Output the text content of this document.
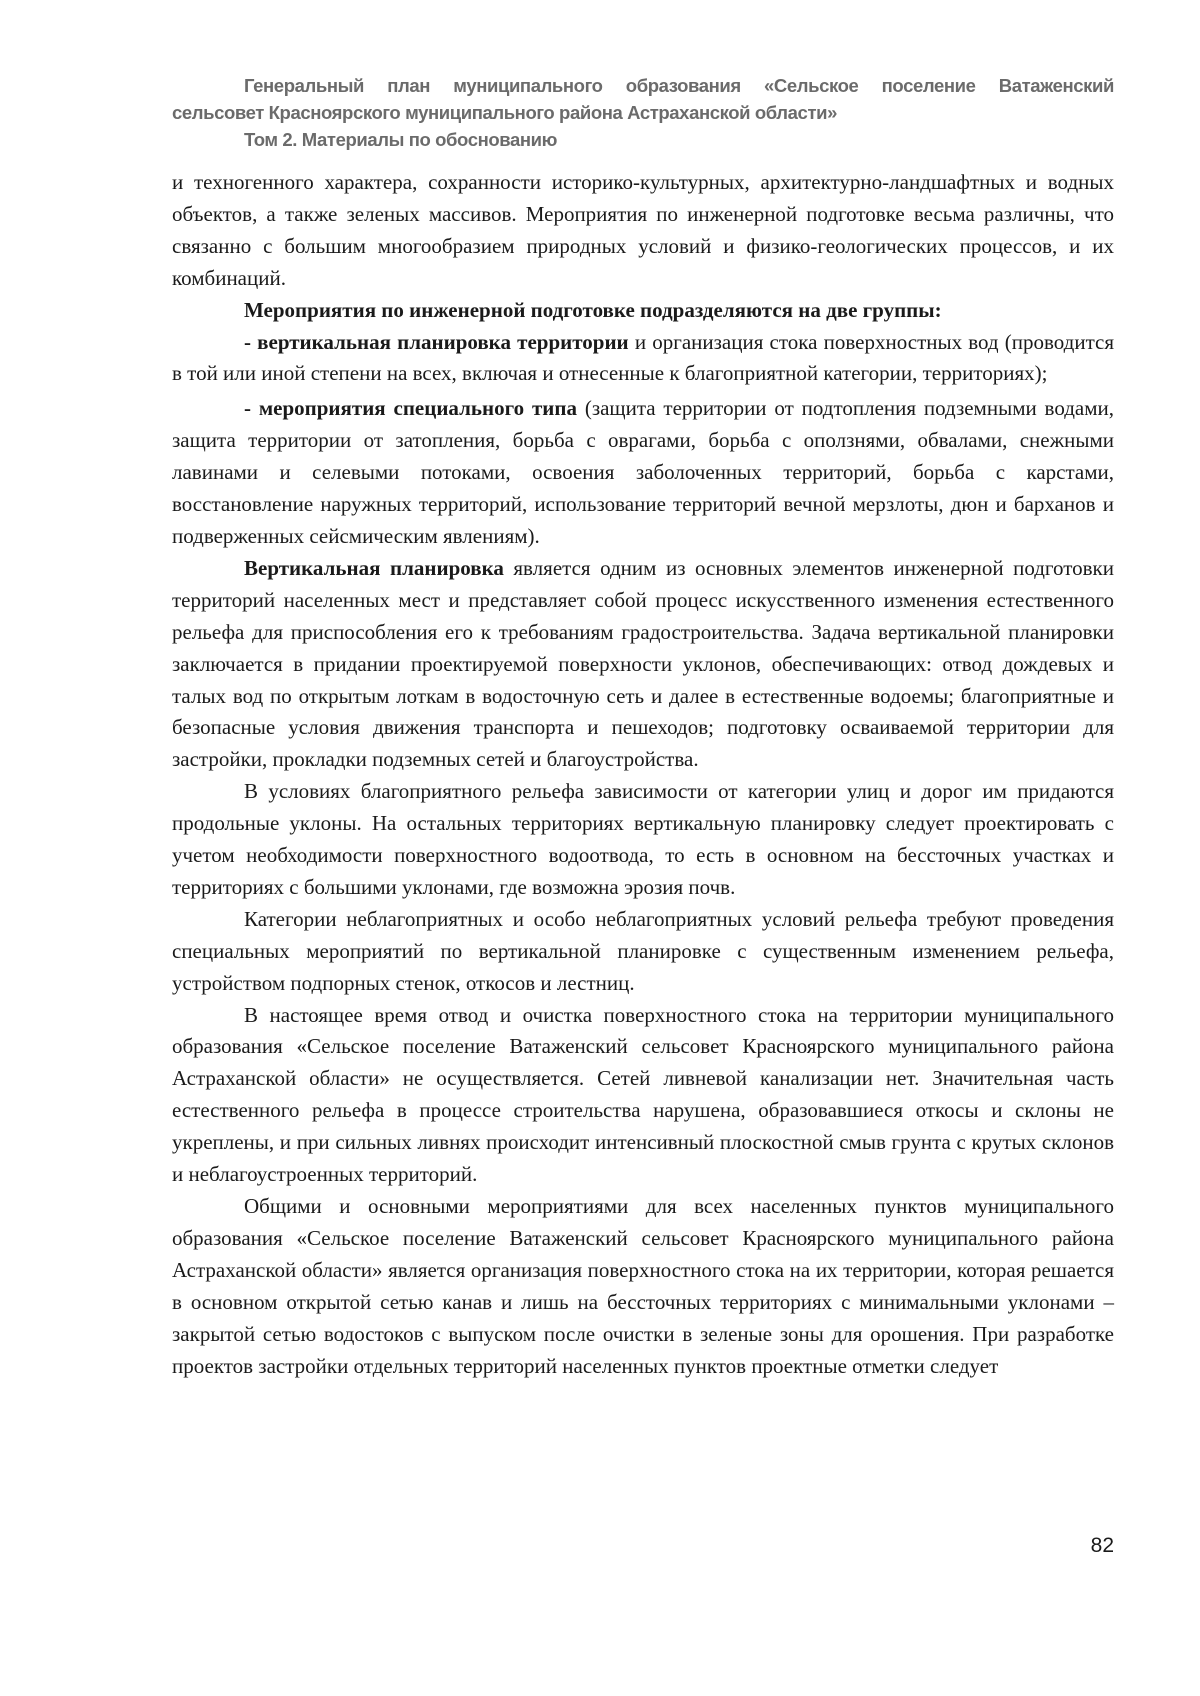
Генеральный план муниципального образования «Сельское поселение Ватаженский
сельсовет Красноярского муниципального района Астраханской области»
Том 2. Материалы по обоснованию

и техногенного характера, сохранности историко-культурных, архитектурно-ландшафтных и водных объектов, а также зеленых массивов. Мероприятия по инженерной подготовке весьма различны, что связанно с большим многообразием природных условий и физико-геологических процессов, и их комбинаций.

Мероприятия по инженерной подготовке подразделяются на две группы:

- вертикальная планировка территории и организация стока поверхностных вод (проводится в той или иной степени на всех, включая и отнесенные к благоприятной категории, территориях);

- мероприятия специального типа (защита территории от подтопления подземными водами, защита территории от затопления, борьба с оврагами, борьба с оползнями, обвалами, снежными лавинами и селевыми потоками, освоения заболоченных территорий, борьба с карстами, восстановление наружных территорий, использование территорий вечной мерзлоты, дюн и барханов и подверженных сейсмическим явлениям).

Вертикальная планировка является одним из основных элементов инженерной подготовки территорий населенных мест и представляет собой процесс искусственного изменения естественного рельефа для приспособления его к требованиям градостроительства. Задача вертикальной планировки заключается в придании проектируемой поверхности уклонов, обеспечивающих: отвод дождевых и талых вод по открытым лоткам в водосточную сеть и далее в естественные водоемы; благоприятные и безопасные условия движения транспорта и пешеходов; подготовку осваиваемой территории для застройки, прокладки подземных сетей и благоустройства.

В условиях благоприятного рельефа зависимости от категории улиц и дорог им придаются продольные уклоны. На остальных территориях вертикальную планировку следует проектировать с учетом необходимости поверхностного водоотвода, то есть в основном на бессточных участках и территориях с большими уклонами, где возможна эрозия почв.

Категории неблагоприятных и особо неблагоприятных условий рельефа требуют проведения специальных мероприятий по вертикальной планировке с существенным изменением рельефа, устройством подпорных стенок, откосов и лестниц.

В настоящее время отвод и очистка поверхностного стока на территории муниципального образования «Сельское поселение Ватаженский сельсовет Красноярского муниципального района Астраханской области» не осуществляется. Сетей ливневой канализации нет. Значительная часть естественного рельефа в процессе строительства нарушена, образовавшиеся откосы и склоны не укреплены, и при сильных ливнях происходит интенсивный плоскостной смыв грунта с крутых склонов и неблагоустроенных территорий.

Общими и основными мероприятиями для всех населенных пунктов муниципального образования «Сельское поселение Ватаженский сельсовет Красноярского муниципального района Астраханской области» является организация поверхностного стока на их территории, которая решается в основном открытой сетью канав и лишь на бессточных территориях с минимальными уклонами – закрытой сетью водостоков с выпуском после очистки в зеленые зоны для орошения. При разработке проектов застройки отдельных территорий населенных пунктов проектные отметки следует

82
